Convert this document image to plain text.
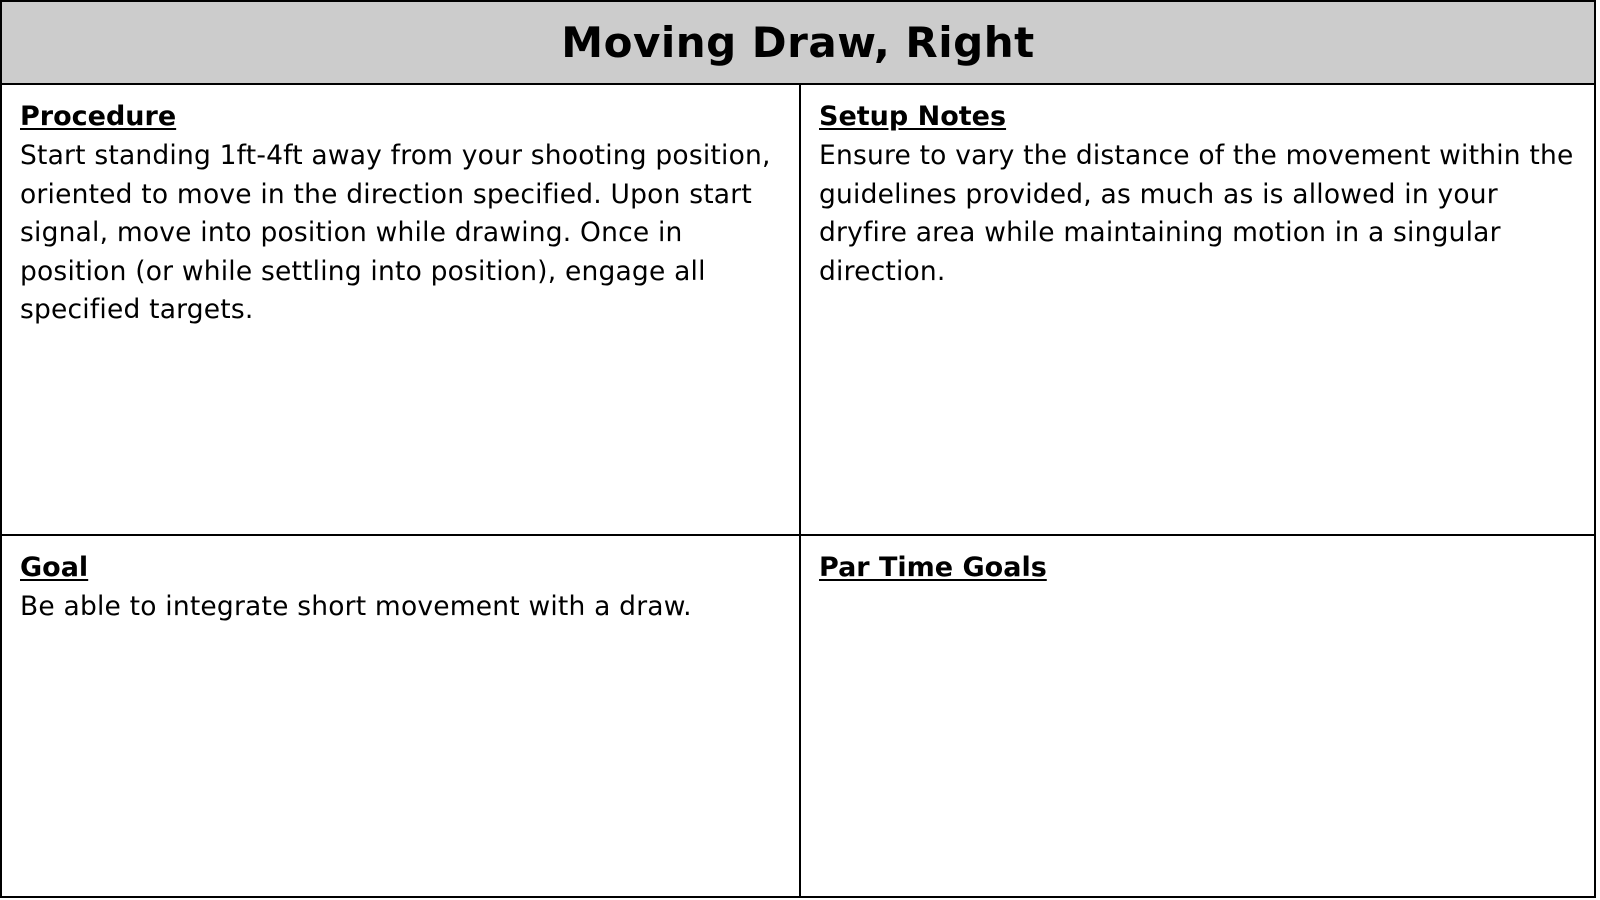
Moving Draw, Right
Procedure

Start standing 1ft-4ft away from your shooting position, oriented to move in the direction specified. Upon start signal, move into position while drawing. Once in position (or while settling into position), engage all specified targets.

Setup Notes

Ensure to vary the distance of the movement within the guidelines provided, as much as is allowed in your dryfire area while maintaining motion in a singular direction.

Goal

Be able to integrate short movement with a draw.

Par Time Goals
